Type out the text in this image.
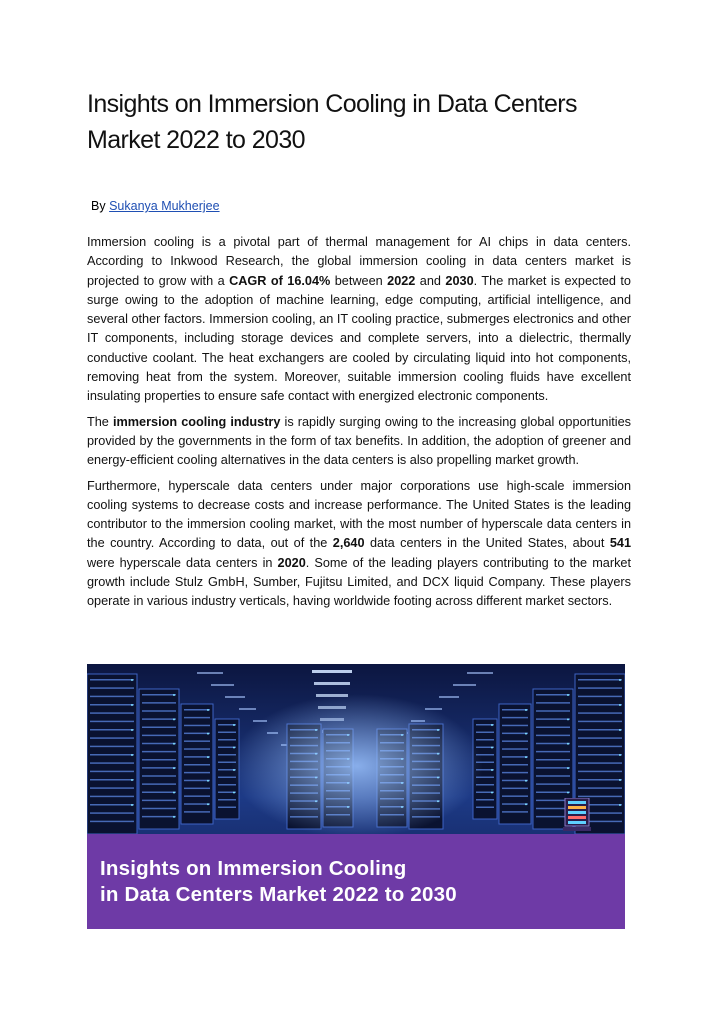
Insights on Immersion Cooling in Data Centers
Market 2022 to 2030
By Sukanya Mukherjee

Immersion cooling is a pivotal part of thermal management for AI chips in data centers. According to Inkwood Research, the global immersion cooling in data centers market is projected to grow with a CAGR of 16.04% between 2022 and 2030. The market is expected to surge owing to the adoption of machine learning, edge computing, artificial intelligence, and several other factors. Immersion cooling, an IT cooling practice, submerges electronics and other IT components, including storage devices and complete servers, into a dielectric, thermally conductive coolant. The heat exchangers are cooled by circulating liquid into hot components, removing heat from the system. Moreover, suitable immersion cooling fluids have excellent insulating properties to ensure safe contact with energized electronic components.

The immersion cooling industry is rapidly surging owing to the increasing global opportunities provided by the governments in the form of tax benefits. In addition, the adoption of greener and energy-efficient cooling alternatives in the data centers is also propelling market growth.

Furthermore, hyperscale data centers under major corporations use high-scale immersion cooling systems to decrease costs and increase performance. The United States is the leading contributor to the immersion cooling market, with the most number of hyperscale data centers in the country. According to data, out of the 2,640 data centers in the United States, about 541 were hyperscale data centers in 2020. Some of the leading players contributing to the market growth include Stulz GmbH, Sumber, Fujitsu Limited, and DCX liquid Company. These players operate in various industry verticals, having worldwide footing across different market sectors.

Insights on Immersion Cooling
in Data Centers Market 2022 to 2030
